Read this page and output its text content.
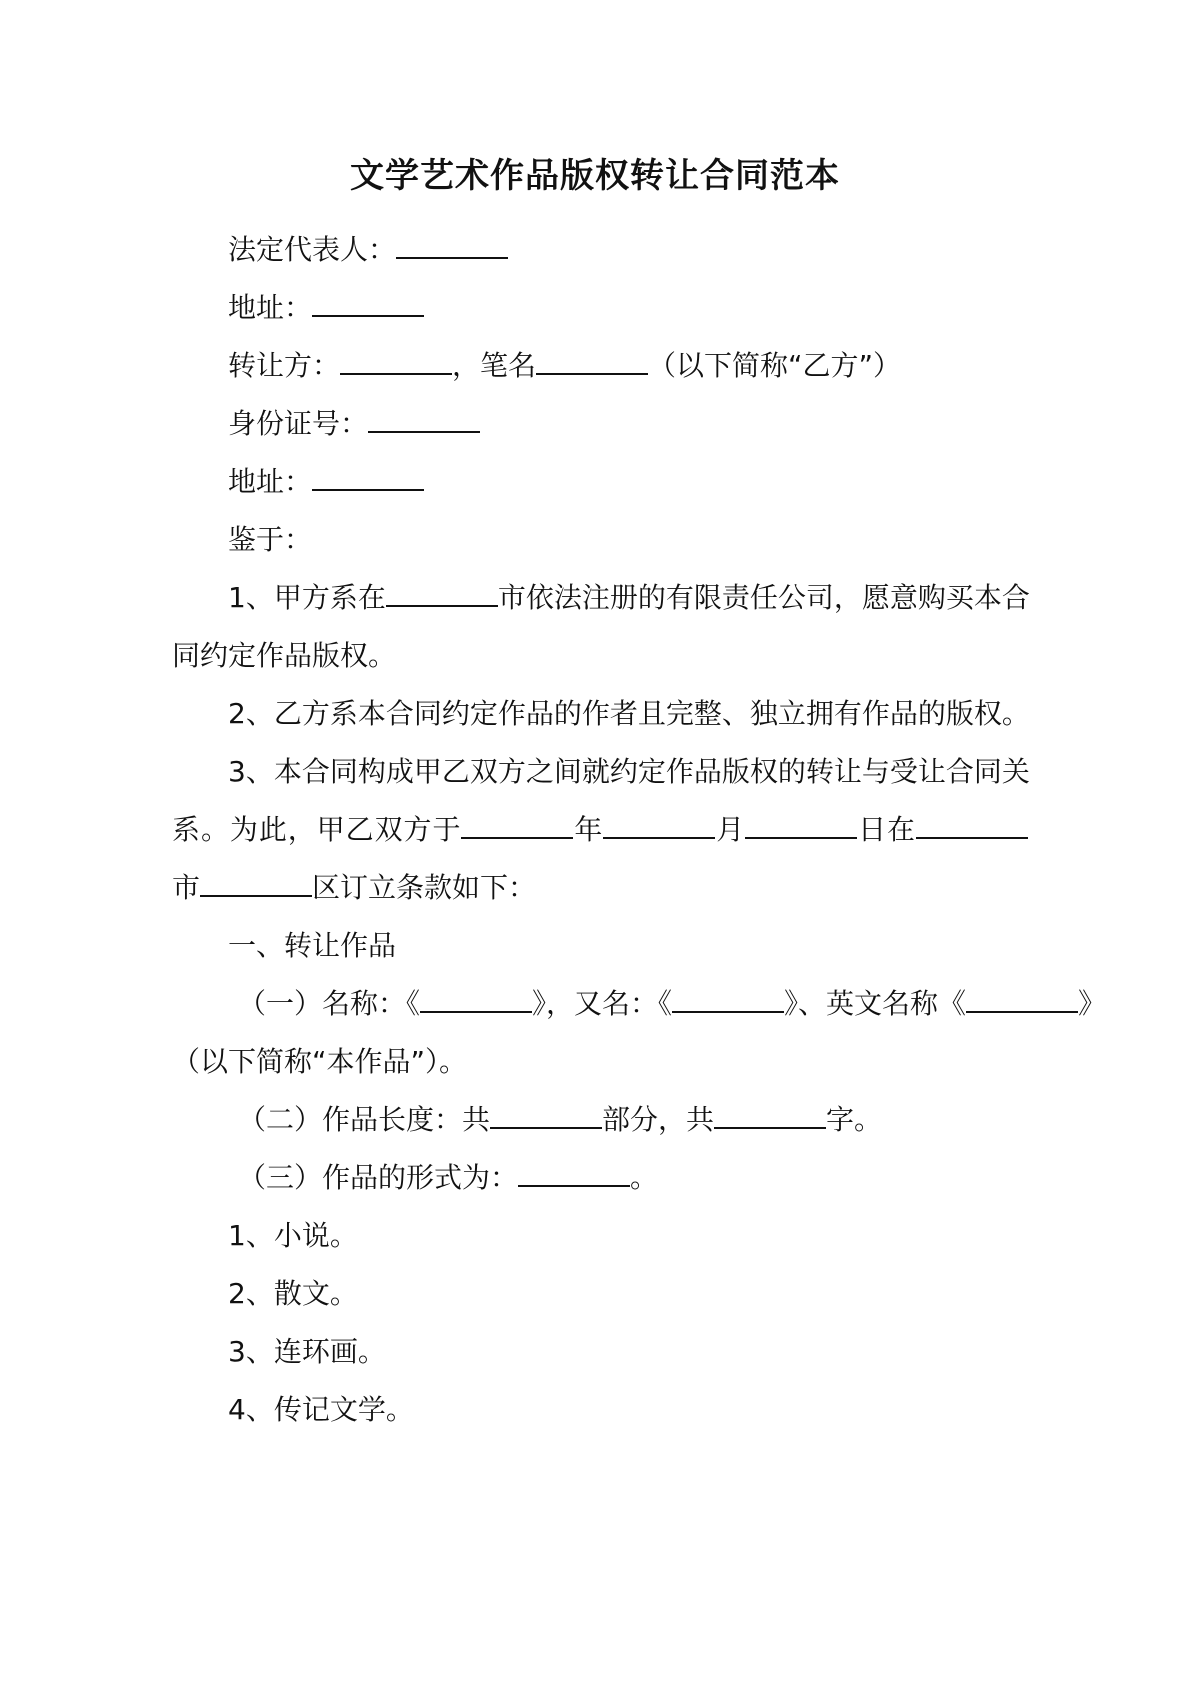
文学艺术作品版权转让合同范本
法定代表人：
地址：
转让方：	，笔名	（以下简称“乙方”）
身份证号：
地址：
鉴于：
1、甲方系在	市依法注册的有限责任公司，愿意购买本合
同约定作品版权。
2、乙方系本合同约定作品的作者且完整、独立拥有作品的版权。
3、本合同构成甲乙双方之间就约定作品版权的转让与受让合同关
系。为此，甲乙双方于	年	月	日在
市	区订立条款如下：
一、转让作品
（一）名称：《	》，又名：《	》、英文名称《	》
（以下简称“本作品”）。
（二）作品长度：共	部分，共	字。
（三）作品的形式为：	。
1、小说。
2、散文。
3、连环画。
4、传记文学。
